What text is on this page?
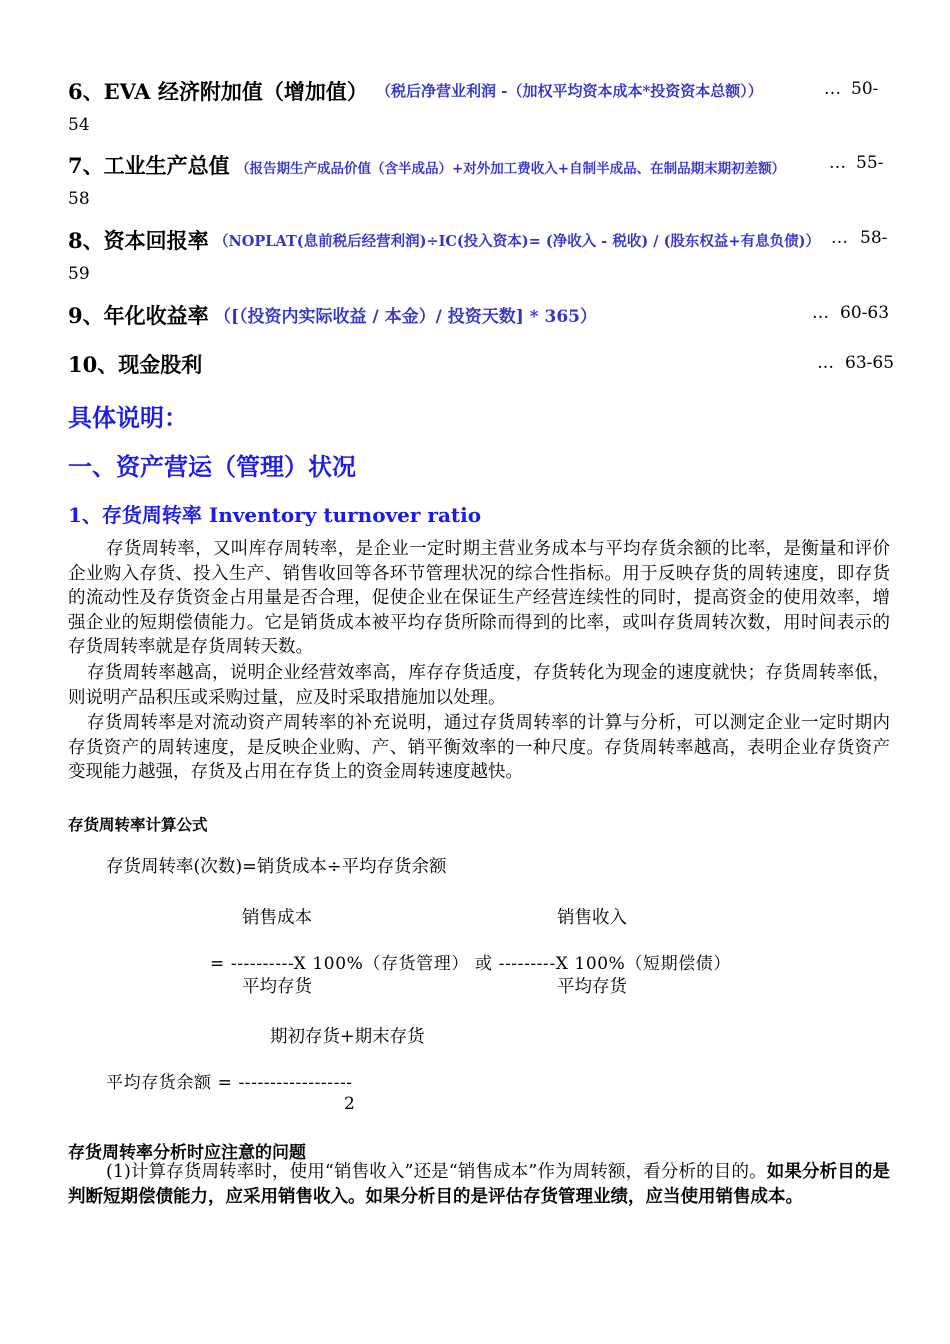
6、EVA 经济附加值（增加值） （税后净营业利润 -（加权平均资本成本*投资资本总额））	… 50-
54
7、工业生产总值 （报告期生产成品价值（含半成品）+对外加工费收入+自制半成品、在制品期末期初差额）	… 55-
58
8、资本回报率 （NOPLAT(息前税后经营利润)÷IC(投入资本)= (净收入 - 税收) / (股东权益+有息负债)） … 58-
59
9、年化收益率 （[（投资内实际收益 / 本金）/ 投资天数] * 365）	… 60-63
10、现金股利	… 63-65
具体说明：
一、资产营运（管理）状况
1、存货周转率 Inventory turnover ratio
存货周转率，又叫库存周转率，是企业一定时期主营业务成本与平均存货余额的比率，是衡量和评价企业购入存货、投入生产、销售收回等各环节管理状况的综合性指标。用于反映存货的周转速度，即存货的流动性及存货资金占用量是否合理，促使企业在保证生产经营连续性的同时，提高资金的使用效率，增强企业的短期偿债能力。它是销货成本被平均存货所除而得到的比率，或叫存货周转次数，用时间表示的存货周转率就是存货周转天数。
存货周转率越高，说明企业经营效率高，库存存货适度，存货转化为现金的速度就快；存货周转率低，则说明产品积压或采购过量，应及时采取措施加以处理。
存货周转率是对流动资产周转率的补充说明，通过存货周转率的计算与分析，可以测定企业一定时期内存货资产的周转速度，是反映企业购、产、销平衡效率的一种尺度。存货周转率越高，表明企业存货资产变现能力越强，存货及占用在存货上的资金周转速度越快。
存货周转率计算公式
存货周转率(次数)=销货成本÷平均存货余额
销售成本	销售收入
= ----------X 100%（存货管理） 或 ---------X 100%（短期偿债）
平均存货	平均存货
期初存货+期末存货
平均存货余额 = ------------------
2
存货周转率分析时应注意的问题
(1)计算存货周转率时，使用“销售收入”还是“销售成本”作为周转额，看分析的目的。如果分析目的是判断短期偿债能力，应采用销售收入。如果分析目的是评估存货管理业绩，应当使用销售成本。
